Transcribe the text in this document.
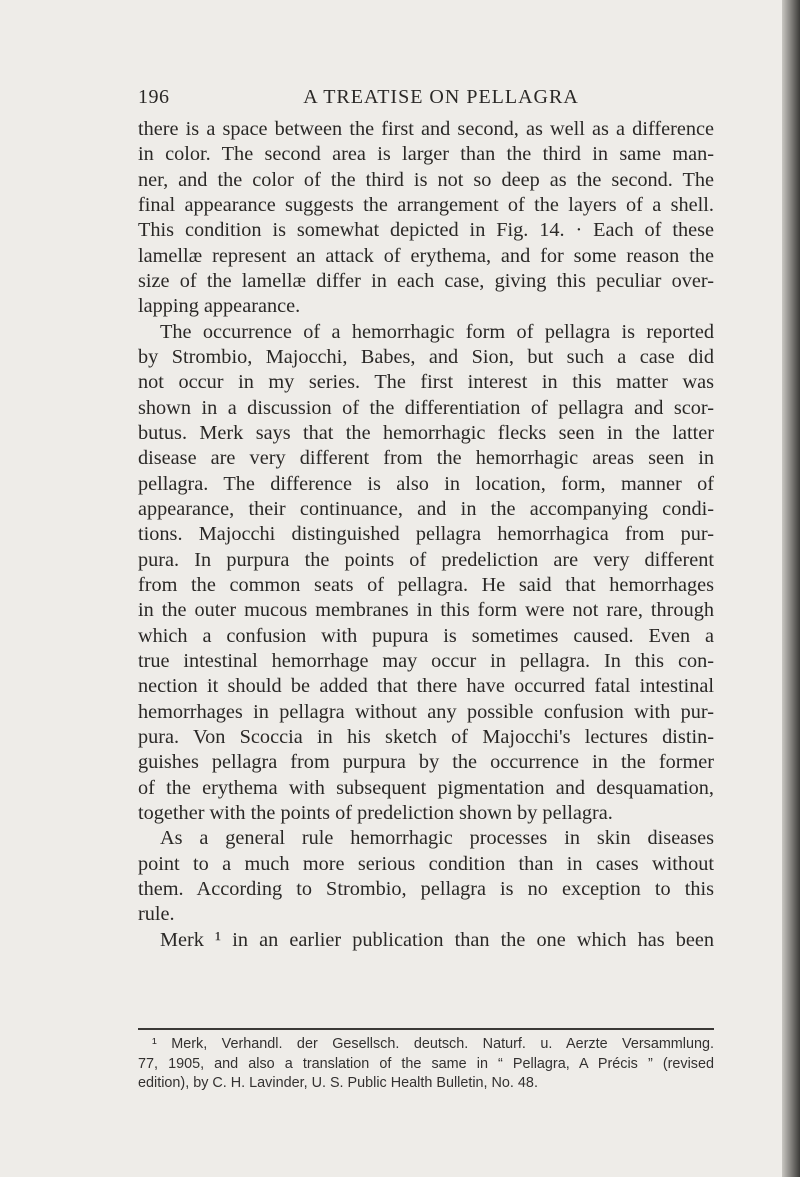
196	A TREATISE ON PELLAGRA
there is a space between the first and second, as well as a difference
in color. The second area is larger than the third in same man-
ner, and the color of the third is not so deep as the second. The
final appearance suggests the arrangement of the layers of a shell.
This condition is somewhat depicted in Fig. 14. · Each of these
lamellæ represent an attack of erythema, and for some reason the
size of the lamellæ differ in each case, giving this peculiar over-
lapping appearance.
The occurrence of a hemorrhagic form of pellagra is reported
by Strombio, Majocchi, Babes, and Sion, but such a case did
not occur in my series. The first interest in this matter was
shown in a discussion of the differentiation of pellagra and scor-
butus. Merk says that the hemorrhagic flecks seen in the latter
disease are very different from the hemorrhagic areas seen in
pellagra. The difference is also in location, form, manner of
appearance, their continuance, and in the accompanying condi-
tions. Majocchi distinguished pellagra hemorrhagica from pur-
pura. In purpura the points of predeliction are very different
from the common seats of pellagra. He said that hemorrhages
in the outer mucous membranes in this form were not rare, through
which a confusion with pupura is sometimes caused. Even a
true intestinal hemorrhage may occur in pellagra. In this con-
nection it should be added that there have occurred fatal intestinal
hemorrhages in pellagra without any possible confusion with pur-
pura. Von Scoccia in his sketch of Majocchi's lectures distin-
guishes pellagra from purpura by the occurrence in the former
of the erythema with subsequent pigmentation and desquamation,
together with the points of predeliction shown by pellagra.
As a general rule hemorrhagic processes in skin diseases
point to a much more serious condition than in cases without
them. According to Strombio, pellagra is no exception to this
rule.
Merk ¹ in an earlier publication than the one which has been
¹ Merk, Verhandl. der Gesellsch. deutsch. Naturf. u. Aerzte Versammlung.
77, 1905, and also a translation of the same in “ Pellagra, A Précis ” (revised
edition), by C. H. Lavinder, U. S. Public Health Bulletin, No. 48.
